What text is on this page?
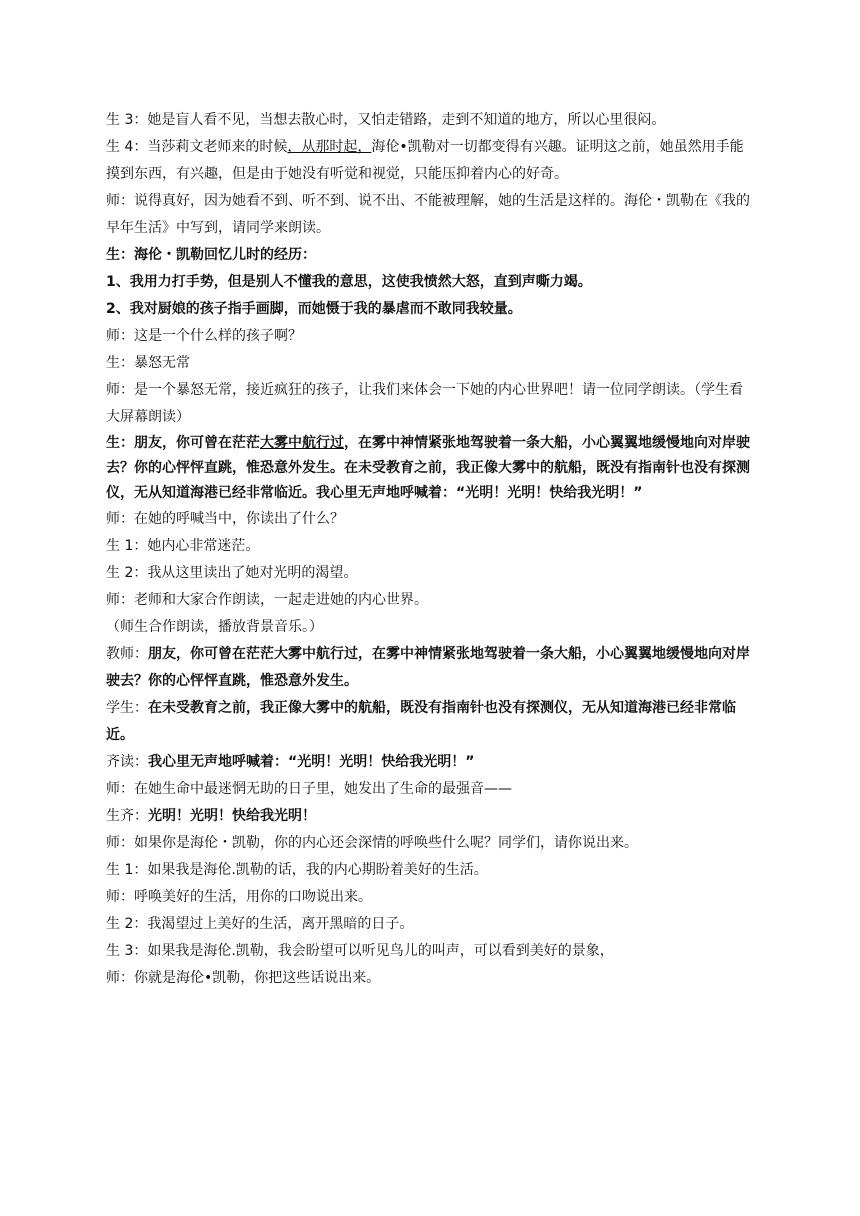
生 3：她是盲人看不见，当想去散心时，又怕走错路，走到不知道的地方，所以心里很闷。

生 4：当莎莉文老师来的时候，从那时起，海伦•凯勒对一切都变得有兴趣。证明这之前，她虽然用手能摸到东西，有兴趣，但是由于她没有听觉和视觉，只能压抑着内心的好奇。

师：说得真好，因为她看不到、听不到、说不出、不能被理解，她的生活是这样的。海伦・凯勒在《我的早年生活》中写到，请同学来朗读。

生：海伦・凯勒回忆儿时的经历：

1、我用力打手势，但是别人不懂我的意思，这使我愤然大怒，直到声嘶力竭。

2、我对厨娘的孩子指手画脚，而她慑于我的暴虐而不敢同我较量。

师：这是一个什么样的孩子啊？

生：暴怒无常

师：是一个暴怒无常，接近疯狂的孩子，让我们来体会一下她的内心世界吧！请一位同学朗读。（学生看大屏幕朗读）

生：朋友，你可曾在茫茫大雾中航行过，在雾中神情紧张地驾驶着一条大船，小心翼翼地缓慢地向对岸驶去？你的心怦怦直跳，惟恐意外发生。在未受教育之前，我正像大雾中的航船，既没有指南针也没有探测仪，无从知道海港已经非常临近。我心里无声地呼喊着：“光明！光明！快给我光明！”

师：在她的呼喊当中，你读出了什么？

生 1：她内心非常迷茫。

生 2：我从这里读出了她对光明的渴望。

师：老师和大家合作朗读，一起走进她的内心世界。

（师生合作朗读，播放背景音乐。）

教师：朋友，你可曾在茫茫大雾中航行过，在雾中神情紧张地驾驶着一条大船，小心翼翼地缓慢地向对岸驶去？你的心怦怦直跳，惟恐意外发生。

学生：在未受教育之前，我正像大雾中的航船，既没有指南针也没有探测仪，无从知道海港已经非常临近。

齐读：我心里无声地呼喊着：“光明！光明！快给我光明！”

师：在她生命中最迷惘无助的日子里，她发出了生命的最强音——

生齐：光明！光明！快给我光明！

师：如果你是海伦・凯勒，你的内心还会深情的呼唤些什么呢？同学们，请你说出来。

生 1：如果我是海伦.凯勒的话，我的内心期盼着美好的生活。

师：呼唤美好的生活，用你的口吻说出来。

生 2：我渴望过上美好的生活，离开黑暗的日子。

生 3：如果我是海伦.凯勒，我会盼望可以听见鸟儿的叫声，可以看到美好的景象，

师：你就是海伦•凯勒，你把这些话说出来。
